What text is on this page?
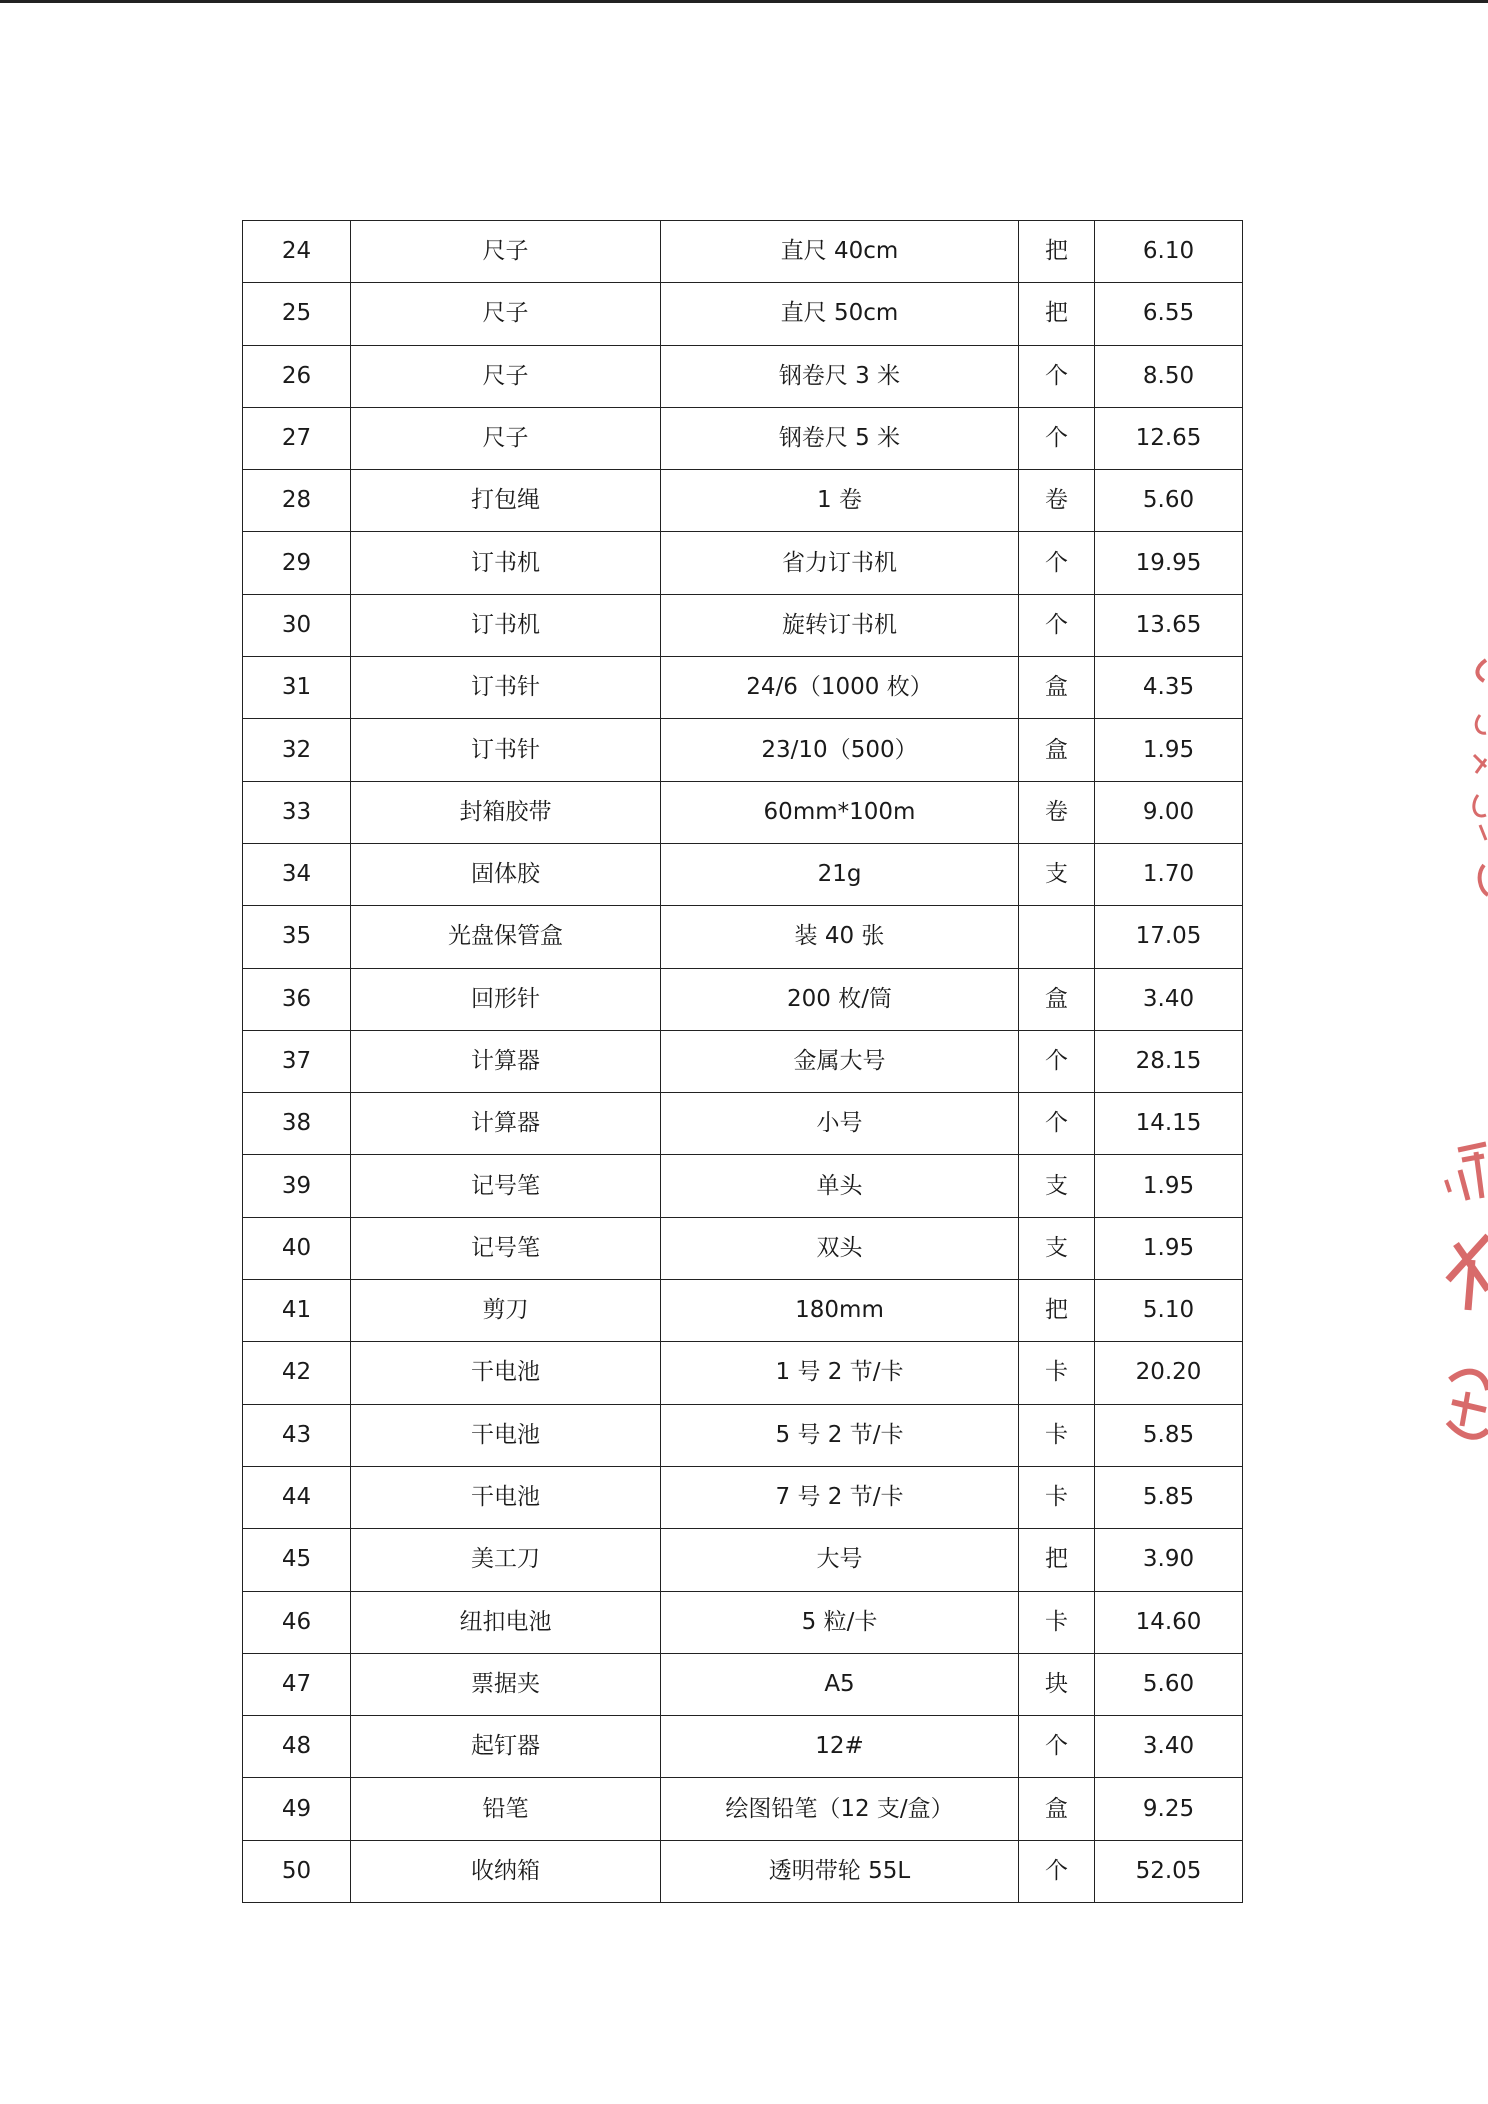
24	尺子	直尺 40cm	把	6.10
25	尺子	直尺 50cm	把	6.55
26	尺子	钢卷尺 3 米	个	8.50
27	尺子	钢卷尺 5 米	个	12.65
28	打包绳	1 卷	卷	5.60
29	订书机	省力订书机	个	19.95
30	订书机	旋转订书机	个	13.65
31	订书针	24/6（1000 枚）	盒	4.35
32	订书针	23/10（500）	盒	1.95
33	封箱胶带	60mm*100m	卷	9.00
34	固体胶	21g	支	1.70
35	光盘保管盒	装 40 张		17.05
36	回形针	200 枚/筒	盒	3.40
37	计算器	金属大号	个	28.15
38	计算器	小号	个	14.15
39	记号笔	单头	支	1.95
40	记号笔	双头	支	1.95
41	剪刀	180mm	把	5.10
42	干电池	1 号 2 节/卡	卡	20.20
43	干电池	5 号 2 节/卡	卡	5.85
44	干电池	7 号 2 节/卡	卡	5.85
45	美工刀	大号	把	3.90
46	纽扣电池	5 粒/卡	卡	14.60
47	票据夹	A5	块	5.60
48	起钉器	12#	个	3.40
49	铅笔	绘图铅笔（12 支/盒）	盒	9.25
50	收纳箱	透明带轮 55L	个	52.05
